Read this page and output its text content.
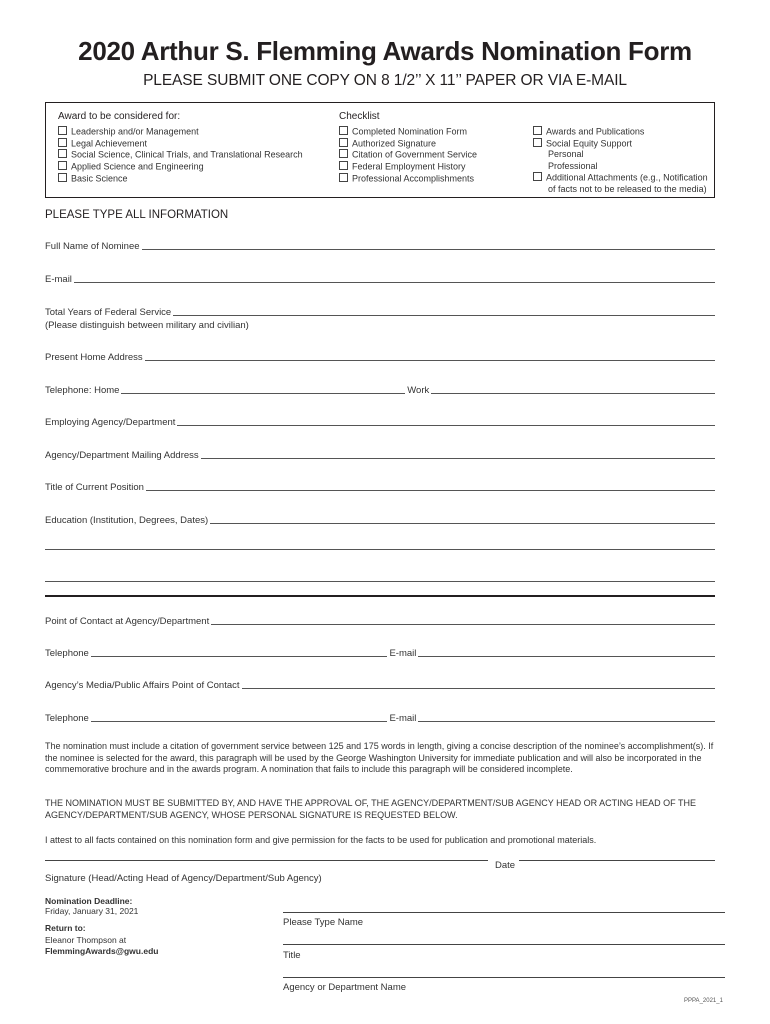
2020 Arthur S. Flemming Awards Nomination Form
PLEASE SUBMIT ONE COPY ON 8 1/2’’ X 11’’ PAPER OR VIA E-MAIL
Award to be considered for:
Leadership and/or Management
Legal Achievement
Social Science, Clinical Trials, and Translational Research
Applied Science and Engineering
Basic Science
Checklist
Completed Nomination Form
Authorized Signature
Citation of Government Service
Federal Employment History
Professional Accomplishments
Awards and Publications
Social Equity Support
Personal
Professional
Additional Attachments (e.g., Notification
of facts not to be released to the media)
PLEASE TYPE ALL INFORMATION
Full Name of Nominee
E-mail
Total Years of Federal Service
(Please distinguish between military and civilian)
Present Home Address
Telephone: Home	Work
Employing Agency/Department
Agency/Department Mailing Address
Title of Current Position
Education (Institution, Degrees, Dates)
Point of Contact at Agency/Department
Telephone	E-mail
Agency’s Media/Public Affairs Point of Contact
Telephone	E-mail
The nomination must include a citation of government service between 125 and 175 words in length, giving a concise description of the nominee’s accomplishment(s). If the nominee is selected for the award, this paragraph will be used by the George Washington University for immediate publication and will also be incorporated in the commemorative brochure and in the awards program. A nomination that fails to include this paragraph will be considered incomplete.
THE NOMINATION MUST BE SUBMITTED BY, AND HAVE THE APPROVAL OF, THE AGENCY/DEPARTMENT/SUB AGENCY HEAD OR ACTING HEAD OF THE AGENCY/DEPARTMENT/SUB AGENCY, WHOSE PERSONAL SIGNATURE IS REQUESTED BELOW.
I attest to all facts contained on this nomination form and give permission for the facts to be used for publication and promotional materials.
Date
Signature (Head/Acting Head of Agency/Department/Sub Agency)
Nomination Deadline:
Friday, January 31, 2021
Return to:
Eleanor Thompson at
FlemmingAwards@gwu.edu
Please Type Name
Title
Agency or Department Name
PPPA_2021_1
